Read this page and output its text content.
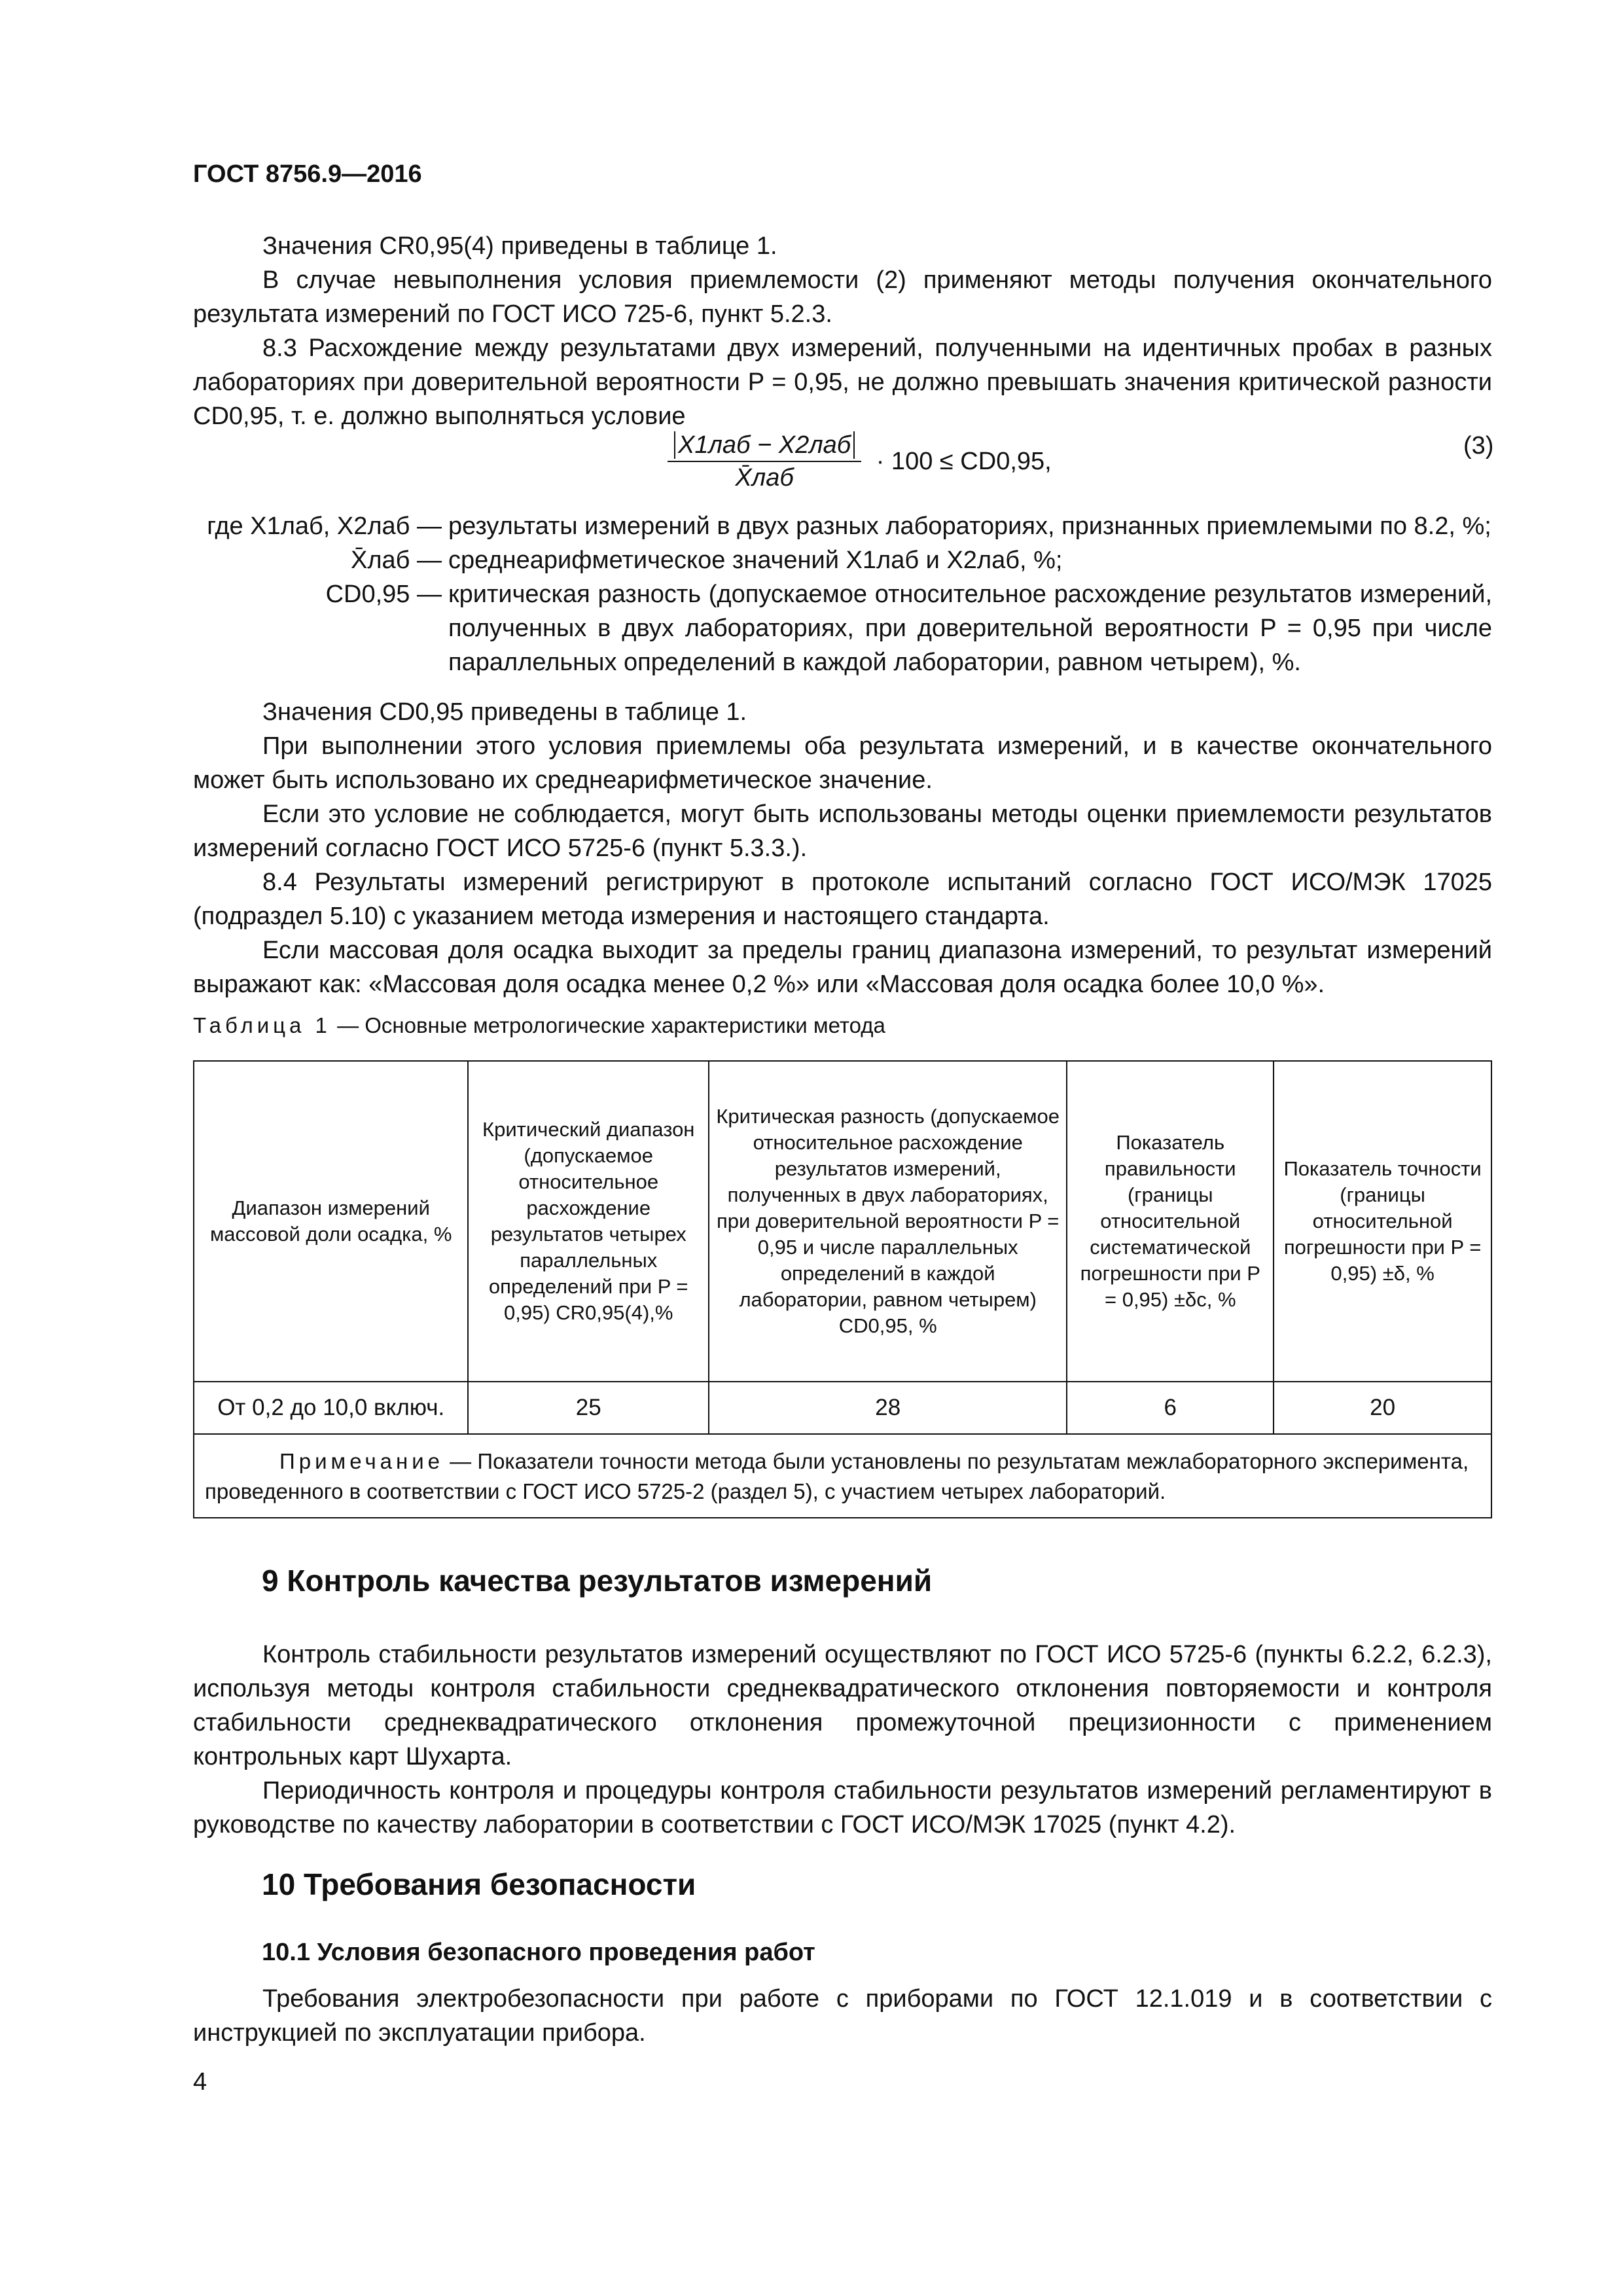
ГОСТ 8756.9—2016
Значения CR0,95(4) приведены в таблице 1.
В случае невыполнения условия приемлемости (2) применяют методы получения окончательного результата измерений по ГОСТ ИСО 725-6, пункт 5.2.3.
8.3 Расхождение между результатами двух измерений, полученными на идентичных пробах в разных лабораториях при доверительной вероятности P = 0,95, не должно превышать значения критической разности CD0,95, т. е. должно выполняться условие
$\frac{\text{X1лаб − X2лаб}}{\text{X̄лаб}} \cdot 100 \le CD0,95$,
(3)
где X1лаб, X2лаб — результаты измерений в двух разных лабораториях, признанных приемлемыми по 8.2, %;
X̄лаб — среднеарифметическое значений X1лаб и X2лаб, %;
CD0,95 — критическая разность (допускаемое относительное расхождение результатов измерений, полученных в двух лабораториях, при доверительной вероятности P = 0,95 при числе параллельных определений в каждой лаборатории, равном четырем), %.
Значения CD0,95 приведены в таблице 1.
При выполнении этого условия приемлемы оба результата измерений, и в качестве окончательного может быть использовано их среднеарифметическое значение.
Если это условие не соблюдается, могут быть использованы методы оценки приемлемости результатов измерений согласно ГОСТ ИСО 5725-6 (пункт 5.3.3.).
8.4 Результаты измерений регистрируют в протоколе испытаний согласно ГОСТ ИСО/МЭК 17025 (подраздел 5.10) с указанием метода измерения и настоящего стандарта.
Если массовая доля осадка выходит за пределы границ диапазона измерений, то результат измерений выражают как: «Массовая доля осадка менее 0,2 %» или «Массовая доля осадка более 10,0 %».
Таблица 1 — Основные метрологические характеристики метода
Диапазон измерений массовой доли осадка, %	Критический диапазон (допускаемое относительное расхождение результатов четырех параллельных определений при P = 0,95) CR0,95(4),%	Критическая разность (допускаемое относительное расхождение результатов измерений, полученных в двух лабораториях, при доверительной вероятности P = 0,95 и числе параллельных определений в каждой лаборатории, равном четырем) CD0,95, %	Показатель правильности (границы относительной систематической погрешности при P = 0,95) ±δc, %	Показатель точности (границы относительной погрешности при P = 0,95) ±δ, %
От 0,2 до 10,0 включ.	25	28	6	20
Примечание — Показатели точности метода были установлены по результатам межлабораторного эксперимента, проведенного в соответствии с ГОСТ ИСО 5725-2 (раздел 5), с участием четырех лабораторий.				
9 Контроль качества результатов измерений
Контроль стабильности результатов измерений осуществляют по ГОСТ ИСО 5725-6 (пункты 6.2.2, 6.2.3), используя методы контроля стабильности среднеквадратического отклонения повторяемости и контроля стабильности среднеквадратического отклонения промежуточной прецизионности с применением контрольных карт Шухарта.
Периодичность контроля и процедуры контроля стабильности результатов измерений регламентируют в руководстве по качеству лаборатории в соответствии с ГОСТ ИСО/МЭК 17025 (пункт 4.2).
10 Требования безопасности
10.1 Условия безопасного проведения работ
Требования электробезопасности при работе с приборами по ГОСТ 12.1.019 и в соответствии с инструкцией по эксплуатации прибора.
4
